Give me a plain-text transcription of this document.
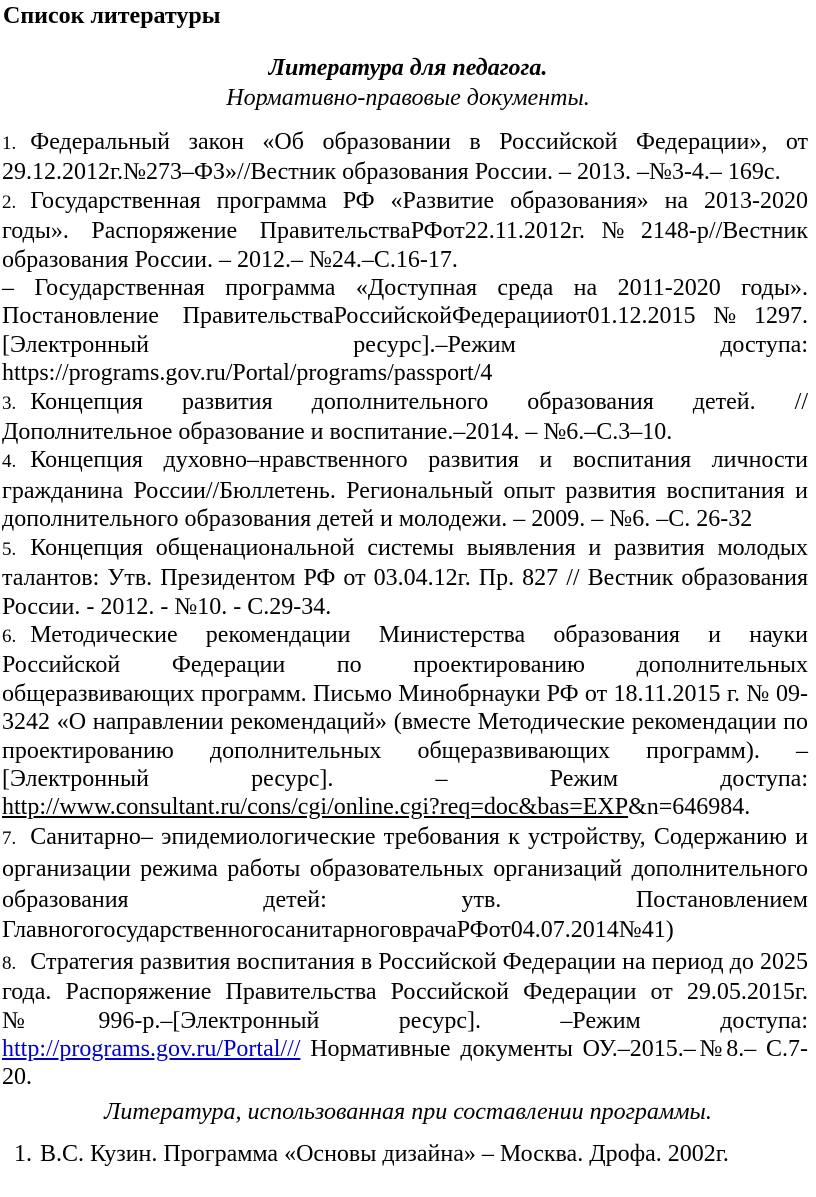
Список литературы
Литература для педагога.
Нормативно-правовые документы.

1. Федеральный закон «Об образовании в Российской Федерации», от 29.12.2012г.№273–ФЗ»//Вестник образования России. – 2013. –№3-4.– 169с.

2. Государственная программа РФ «Развитие образования» на 2013-2020 годы». Распоряжение ПравительстваРФот22.11.2012г.№2148-р//Вестник образования России. – 2012.– №24.–С.16-17.

– Государственная программа «Доступная среда на 2011-2020 годы». Постановление ПравительстваРоссийскойФедерацииот01.12.2015№1297. [Электронный ресурс].–Режим доступа: https://programs.gov.ru/Portal/programs/passport/4

3. Концепция развития дополнительного образования детей. //Дополнительное образование и воспитание.–2014. – №6.–С.3–10.

4. Концепция духовно–нравственного развития и воспитания личности гражданина России//Бюллетень. Региональный опыт развития воспитания и дополнительного образования детей и молодежи. – 2009. – №6. –С. 26-32

5. Концепция общенациональной системы выявления и развития молодых талантов: Утв. Президентом РФ от 03.04.12г. Пр. 827 // Вестник образования России. - 2012. - №10. - С.29-34.

6. Методические рекомендации Министерства образования и науки Российской Федерации по проектированию дополнительных общеразвивающих программ. Письмо Минобрнауки РФ от 18.11.2015 г. № 09-3242 «О направлении рекомендаций» (вместе Методические рекомендации по проектированию дополнительных общеразвивающих программ). – [Электронный ресурс]. – Режим доступа: http://www.consultant.ru/cons/cgi/online.cgi?req=doc&bas=EXP&n=646984.

7. Санитарно– эпидемиологические требования к устройству, Содержанию и организации режима работы образовательных организаций дополнительного образования детей: утв. Постановлением ГлавногогосударственногосанитарноговрачаРФот04.07.2014№41)

8. Стратегия развития воспитания в Российской Федерации на период до 2025 года. Распоряжение Правительства Российской Федерации от 29.05.2015г.№996-р.–[Электронный ресурс]. –Режим доступа: http://programs.gov.ru/Portal/// Нормативные документы ОУ.–2015.–№8.– С.7-20.

Литература, использованная при составлении программы.
1. В.С. Кузин. Программа «Основы дизайна» – Москва. Дрофа. 2002г.
